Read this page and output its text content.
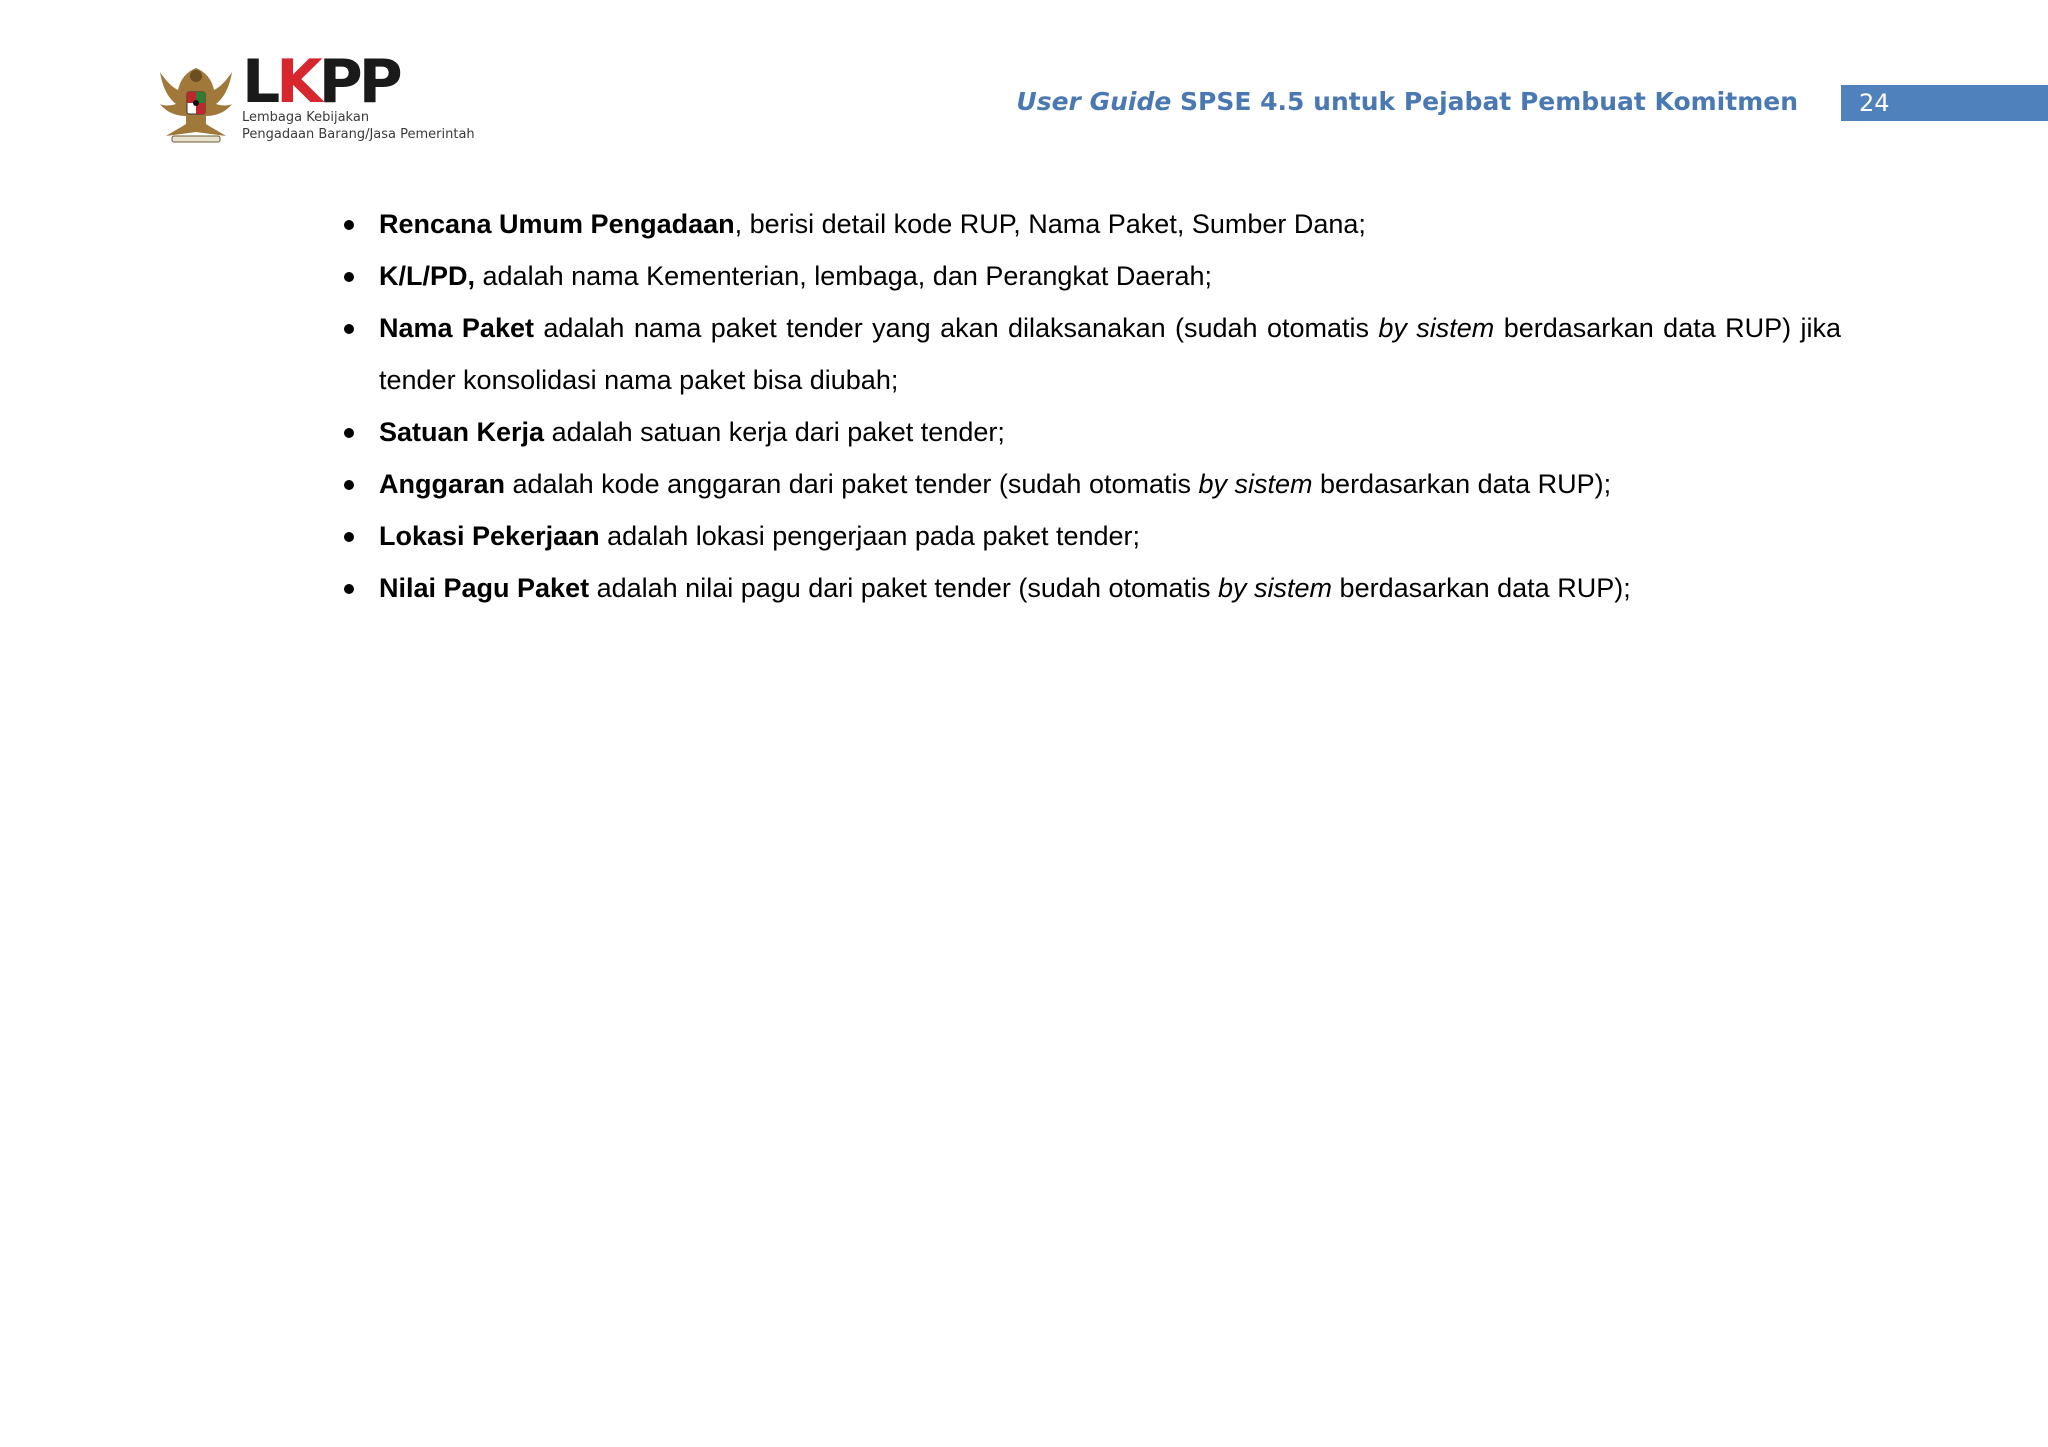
LKPP
Lembaga Kebijakan
Pengadaan Barang/Jasa Pemerintah
User Guide SPSE 4.5 untuk Pejabat Pembuat Komitmen	24
Rencana Umum Pengadaan, berisi detail kode RUP, Nama Paket, Sumber Dana;
K/L/PD, adalah nama Kementerian, lembaga, dan Perangkat Daerah;
Nama Paket adalah nama paket tender yang akan dilaksanakan (sudah otomatis by sistem berdasarkan data RUP) jika tender konsolidasi nama paket bisa diubah;
Satuan Kerja adalah satuan kerja dari paket tender;
Anggaran adalah kode anggaran dari paket tender (sudah otomatis by sistem berdasarkan data RUP);
Lokasi Pekerjaan adalah lokasi pengerjaan pada paket tender;
Nilai Pagu Paket adalah nilai pagu dari paket tender (sudah otomatis by sistem berdasarkan data RUP);
